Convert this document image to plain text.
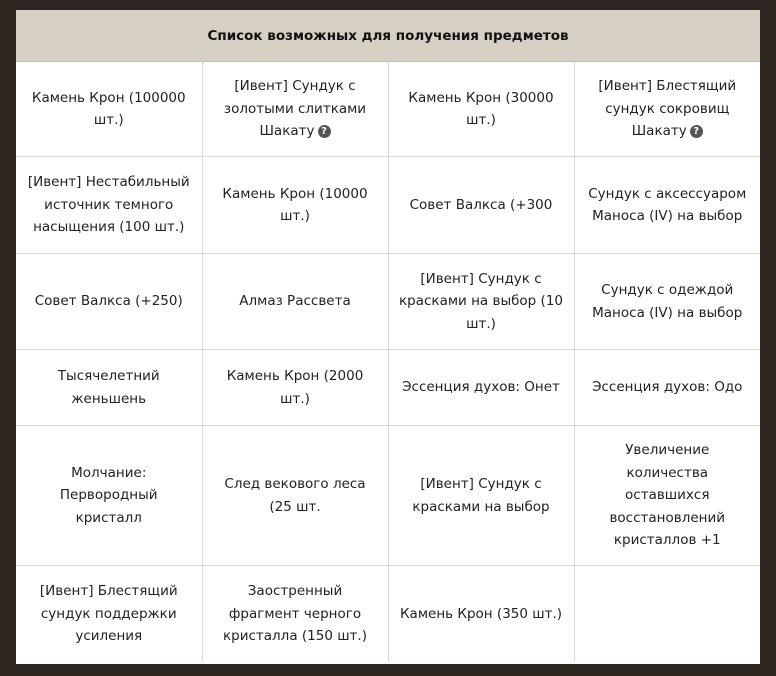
Список возможных для получения предметов
Камень Крон (100000 шт.)	[Ивент] Сундук с золотыми слитками Шакату ?	Камень Крон (30000 шт.)	[Ивент] Блестящий сундук сокровищ Шакату ?
[Ивент] Нестабильный источник темного насыщения (100 шт.)	Камень Крон (10000 шт.)	Совет Валкса (+300	Сундук с аксессуаром Маноса (IV) на выбор
Совет Валкса (+250)	Алмаз Рассвета	[Ивент] Сундук с красками на выбор (10 шт.)	Сундук с одеждой Маноса (IV) на выбор
Тысячелетний женьшень	Камень Крон (2000 шт.)	Эссенция духов: Онет	Эссенция духов: Одо
Молчание: Первородный кристалл	След векового леса (25 шт.	[Ивент] Сундук с красками на выбор	Увеличение количества оставшихся восстановлений кристаллов +1
[Ивент] Блестящий сундук поддержки усиления	Заостренный фрагмент черного кристалла (150 шт.)	Камень Крон (350 шт.)	
